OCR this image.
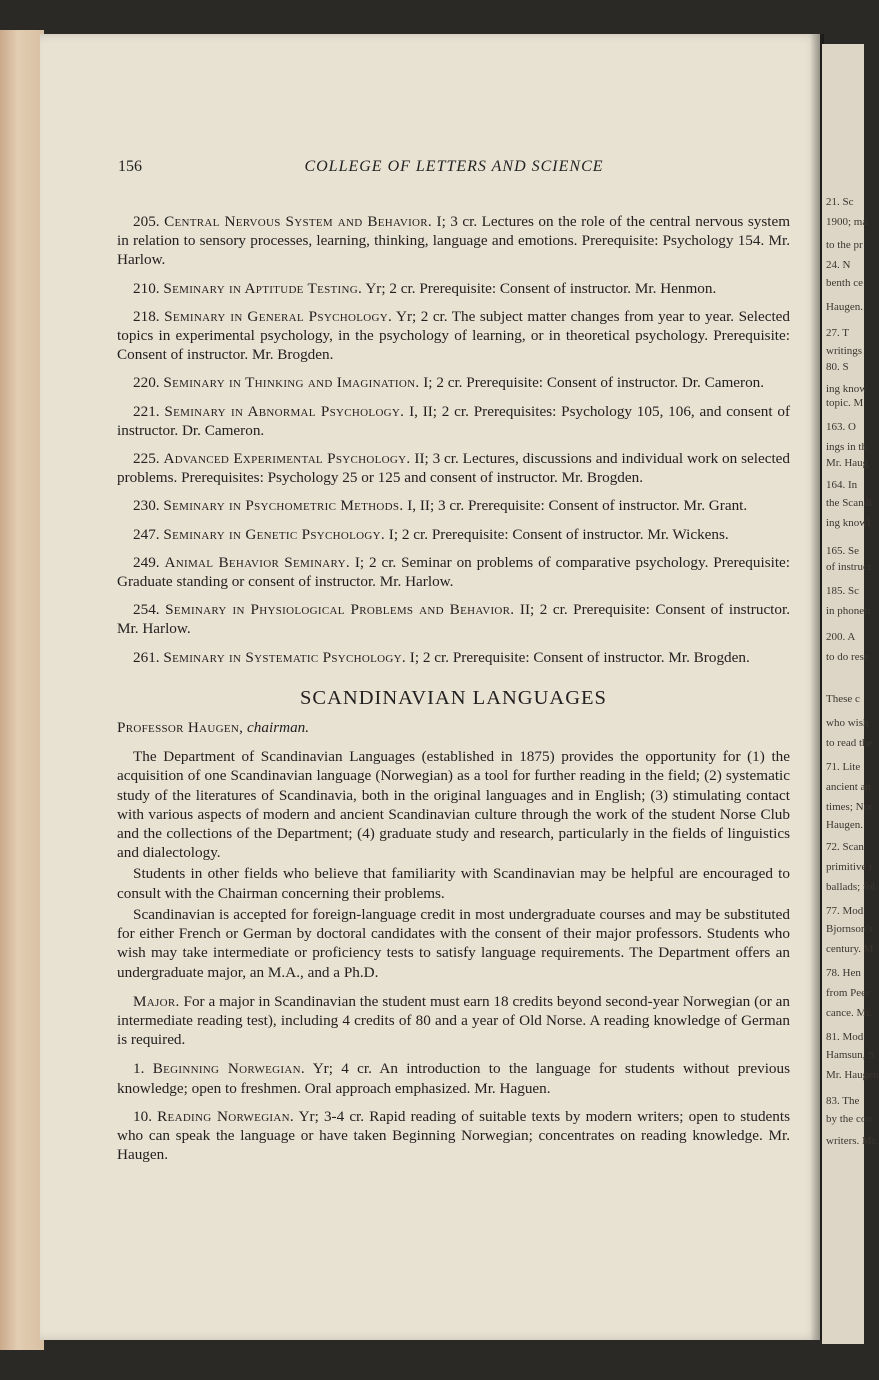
21. Sc
1900; ma
to the pr
24. N
benth ce
Haugen.
27. T
writings
80. S
ing know
topic. M
163. O
ings in th
Mr. Haug
164. In
the Scandi
ing knowl
165. Se
of instruct
185. Sc
in phoneti
200. A
to do rese
These c
who wish
to read the
71. Lite
ancient an
times; Nor
Haugen.
72. Scan
primitive r
ballads; fol
77. Mod
Bjornson's
century. M
78. Hen
from Peer
cance. Mr.
81. Mod
Hamsun, S
Mr. Haugen
83. The
by the con
writers. Mr.
156	COLLEGE OF LETTERS AND SCIENCE

205. Central Nervous System and Behavior. I; 3 cr. Lectures on the role of the central nervous system in relation to sensory processes, learning, thinking, language and emotions. Prerequisite: Psychology 154. Mr. Harlow.

210. Seminary in Aptitude Testing. Yr; 2 cr. Prerequisite: Consent of instructor. Mr. Henmon.

218. Seminary in General Psychology. Yr; 2 cr. The subject matter changes from year to year. Selected topics in experimental psychology, in the psychology of learning, or in theoretical psychology. Prerequisite: Consent of instructor. Mr. Brogden.

220. Seminary in Thinking and Imagination. I; 2 cr. Prerequisite: Consent of instructor. Dr. Cameron.

221. Seminary in Abnormal Psychology. I, II; 2 cr. Prerequisites: Psychology 105, 106, and consent of instructor. Dr. Cameron.

225. Advanced Experimental Psychology. II; 3 cr. Lectures, discussions and individual work on selected problems. Prerequisites: Psychology 25 or 125 and consent of instructor. Mr. Brogden.

230. Seminary in Psychometric Methods. I, II; 3 cr. Prerequisite: Consent of instructor. Mr. Grant.

247. Seminary in Genetic Psychology. I; 2 cr. Prerequisite: Consent of instructor. Mr. Wickens.

249. Animal Behavior Seminary. I; 2 cr. Seminar on problems of comparative psychology. Prerequisite: Graduate standing or consent of instructor. Mr. Harlow.

254. Seminary in Physiological Problems and Behavior. II; 2 cr. Prerequisite: Consent of instructor. Mr. Harlow.

261. Seminary in Systematic Psychology. I; 2 cr. Prerequisite: Consent of instructor. Mr. Brogden.

SCANDINAVIAN LANGUAGES

Professor Haugen, chairman.

The Department of Scandinavian Languages (established in 1875) provides the opportunity for (1) the acquisition of one Scandinavian language (Norwegian) as a tool for further reading in the field; (2) systematic study of the literatures of Scandinavia, both in the original languages and in English; (3) stimulating contact with various aspects of modern and ancient Scandinavian culture through the work of the student Norse Club and the collections of the Department; (4) graduate study and research, particularly in the fields of linguistics and dialectology.

Students in other fields who believe that familiarity with Scandinavian may be helpful are encouraged to consult with the Chairman concerning their problems.

Scandinavian is accepted for foreign-language credit in most undergraduate courses and may be substituted for either French or German by doctoral candidates with the consent of their major professors. Students who wish may take intermediate or proficiency tests to satisfy language requirements. The Department offers an undergraduate major, an M.A., and a Ph.D.

Major. For a major in Scandinavian the student must earn 18 credits beyond second-year Norwegian (or an intermediate reading test), including 4 credits of 80 and a year of Old Norse. A reading knowledge of German is required.

1. Beginning Norwegian. Yr; 4 cr. An introduction to the language for students without previous knowledge; open to freshmen. Oral approach emphasized. Mr. Haguen.

10. Reading Norwegian. Yr; 3-4 cr. Rapid reading of suitable texts by modern writers; open to students who can speak the language or have taken Beginning Norwegian; concentrates on reading knowledge. Mr. Haugen.
